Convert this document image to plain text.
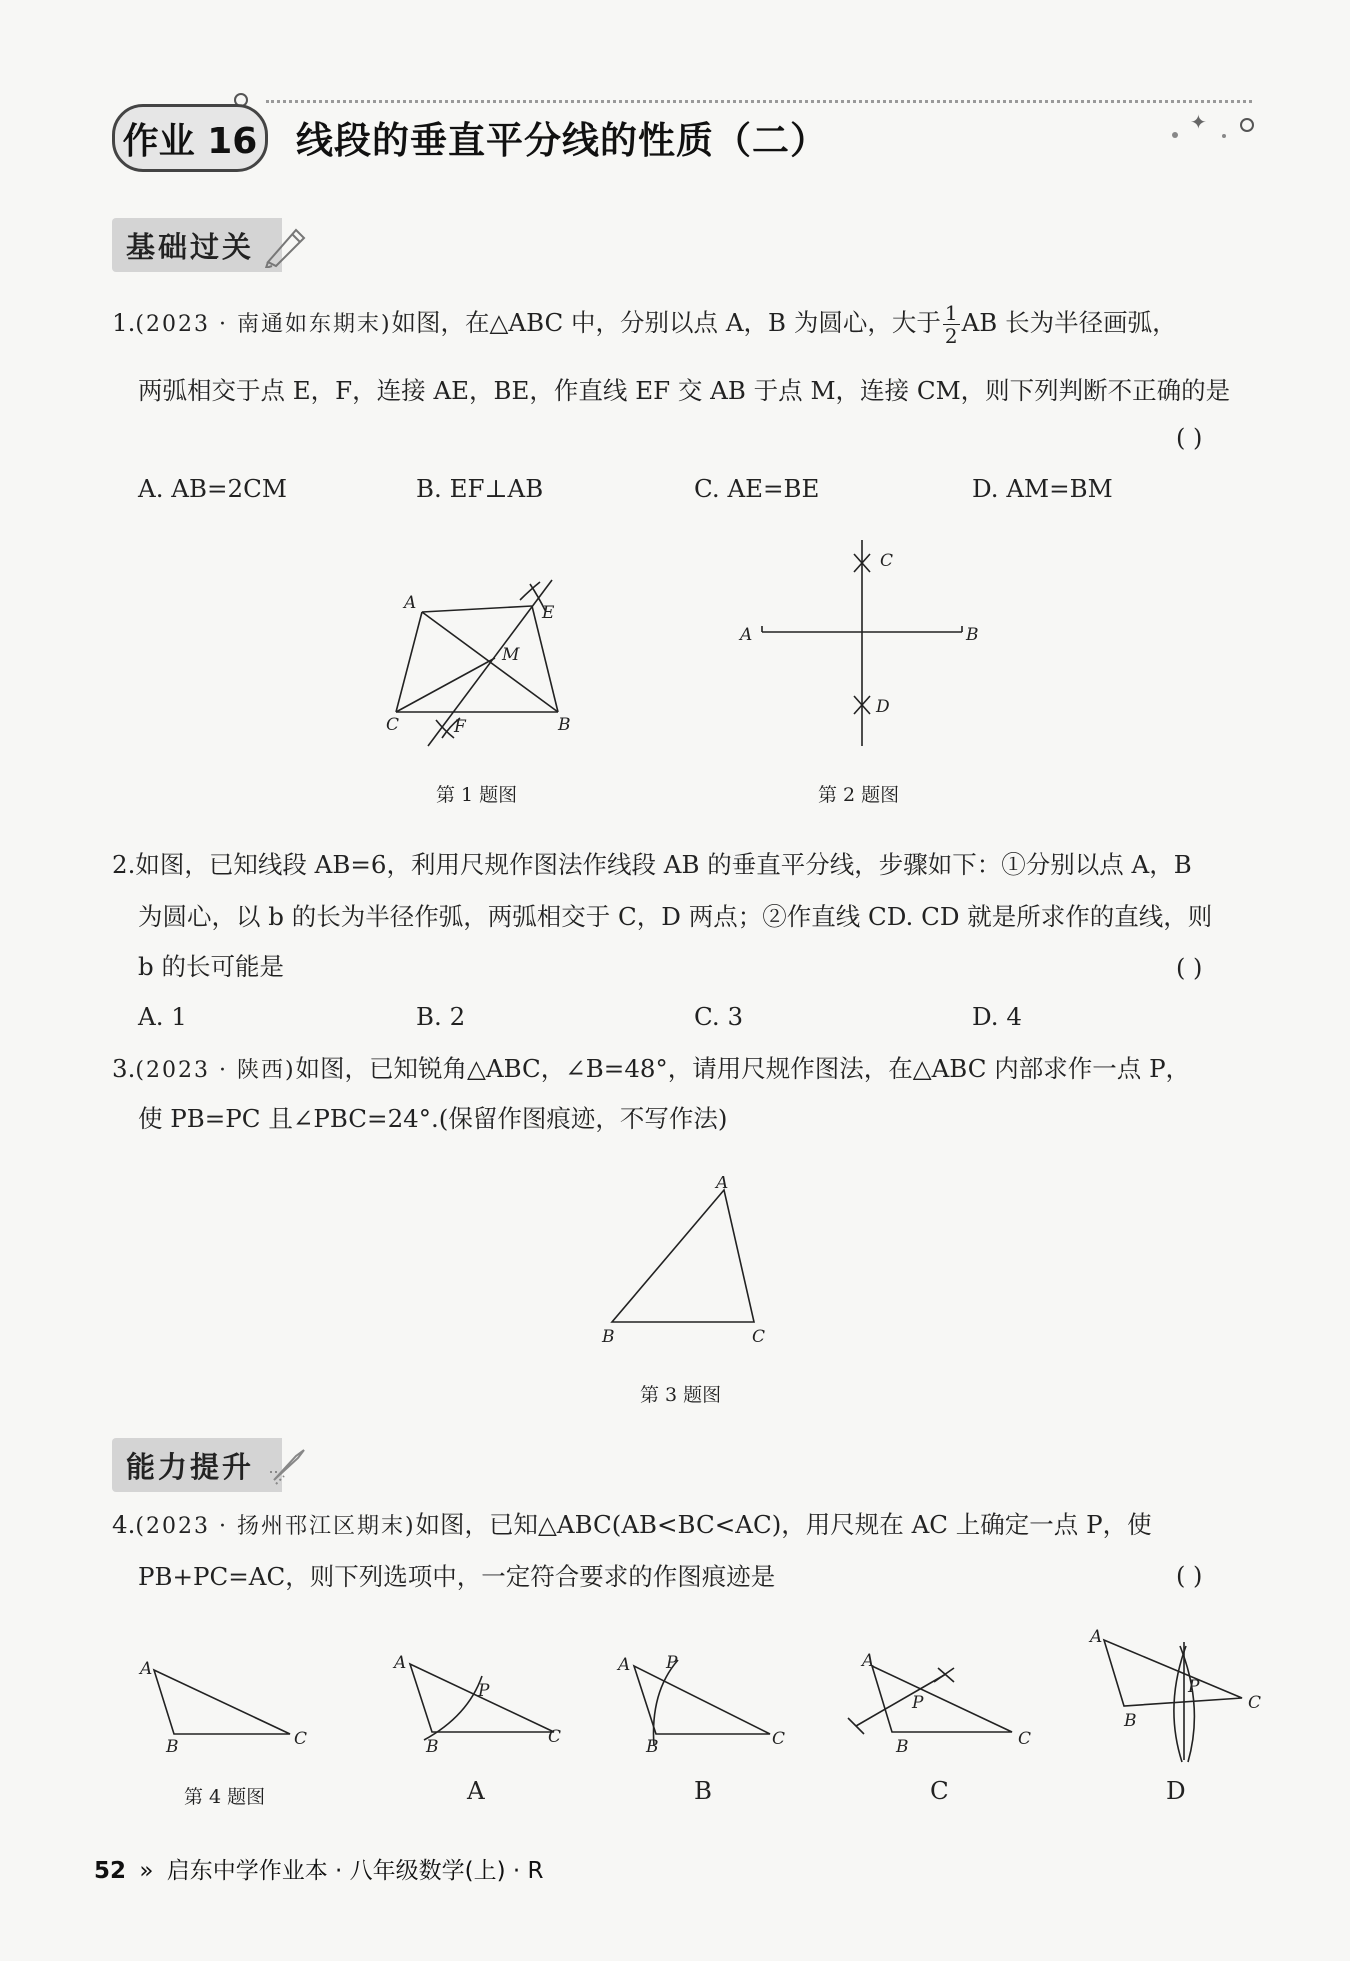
✦
作业 16 线段的垂直平分线的性质（二）
基础过关
1.(2023 · 南通如东期末)如图，在△ABC 中，分别以点 A，B 为圆心，大于 $\frac{1}{2}$ AB 长为半径画弧，
两弧相交于点 E，F，连接 AE，BE，作直线 EF 交 AB 于点 M，连接 CM，则下列判断不正确的是
( )
A. AB=2CM	B. EF⊥AB	C. AE=BE	D. AM=BM
A	E
M
C	F	B
第 1 题图
C
A	B
D
第 2 题图
2.如图，已知线段 AB=6，利用尺规作图法作线段 AB 的垂直平分线，步骤如下：①分别以点 A，B
为圆心，以 b 的长为半径作弧，两弧相交于 C，D 两点；②作直线 CD. CD 就是所求作的直线，则
b 的长可能是	( )
A. 1	B. 2	C. 3	D. 4
3.(2023 · 陕西)如图，已知锐角△ABC，∠B=48°，请用尺规作图法，在△ABC 内部求作一点 P，
使 PB=PC 且∠PBC=24°.(保留作图痕迹，不写作法)
A
B	C
第 3 题图
能力提升
4.(2023 · 扬州邗江区期末)如图，已知△ABC(AB<BC<AC)，用尺规在 AC 上确定一点 P，使
PB+PC=AC，则下列选项中，一定符合要求的作图痕迹是	( )
A
B	C
第 4 题图
A
P
B	C
A
A P
B	C
B
A
P
B	C
C
A
P
B
C
D
52 » 启东中学作业本 · 八年级数学(上) · R
